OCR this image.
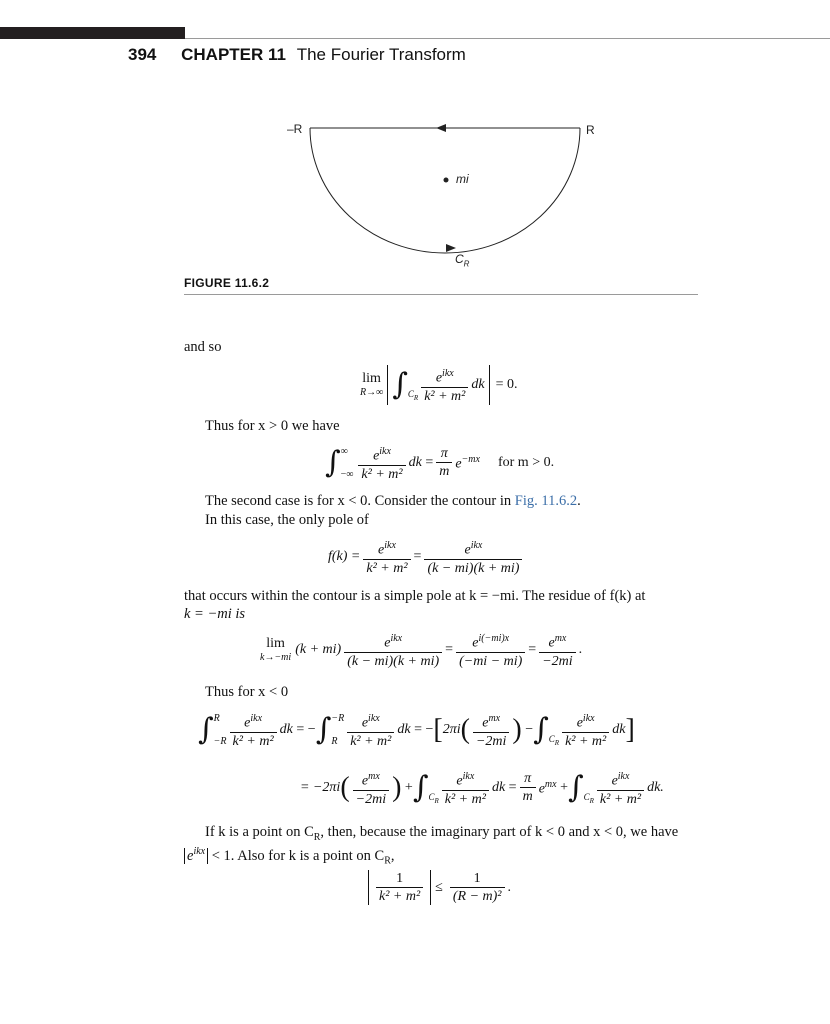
394 CHAPTER 11 The Fourier Transform
–R	R
mi
$C_R$
FIGURE 11.6.2
and so
lim
R→∞ ∫ $C_R \frac{e^{ikx}}{\text{k² + m²}}$ dk = 0.
Thus for x > 0 we have
∫ ∞
−∞ $\frac{e^{ikx}}{\text{k² + m²}}$ dk = $\frac{\pi}{m} e^{-mx}$ for m > 0.
The second case is for x < 0. Consider the contour in Fig. 11.6.2.
In this case, the only pole of
$f(k) = \frac{e^{ikx}}{\text{k² + m²}} = \frac{e^{ikx}}{(k - mi)(k + mi)}$
that occurs within the contour is a simple pole at k = −mi. The residue of f(k) at
k = −mi is
lim
k→−mi
$(k + mi) \frac{e^{ikx}}{(k - mi)(k + mi)} = \frac{e^{i(-mi)x}}{(-mi - mi)} = \frac{e^{mx}}{-2mi}$ .
Thus for x < 0
∫ R
$-R \frac{e^{ikx}}{\text{k² + m²}}$ dk = − ∫ −R
R $\frac{e^{ikx}}{\text{k² + m²}}$ dk = − [ 2πi ( $\frac{e^{mx}}{-2mi}$ ) − ∫ $C_R \frac{e^{ikx}}{\text{k² + m²}}$ dk ]
= −2πi ( $\frac{e^{mx}}{-2mi}$ ) + ∫ $C_R \frac{e^{ikx}}{\text{k² + m²}}$ dk = $\frac{\pi}{m} e^{mx}$ + ∫ $C_R \frac{e^{ikx}}{\text{k² + m²}}$ dk.
If k is a point on $C_R$, then, because the imaginary part of k < 0 and x < 0, we have
$e^{ikx} < 1$. Also for k is a point on $C_R$,
$\frac{1}{\text{k² + m²}} \le \frac{1}{\text{(R − m)²}}$ .
